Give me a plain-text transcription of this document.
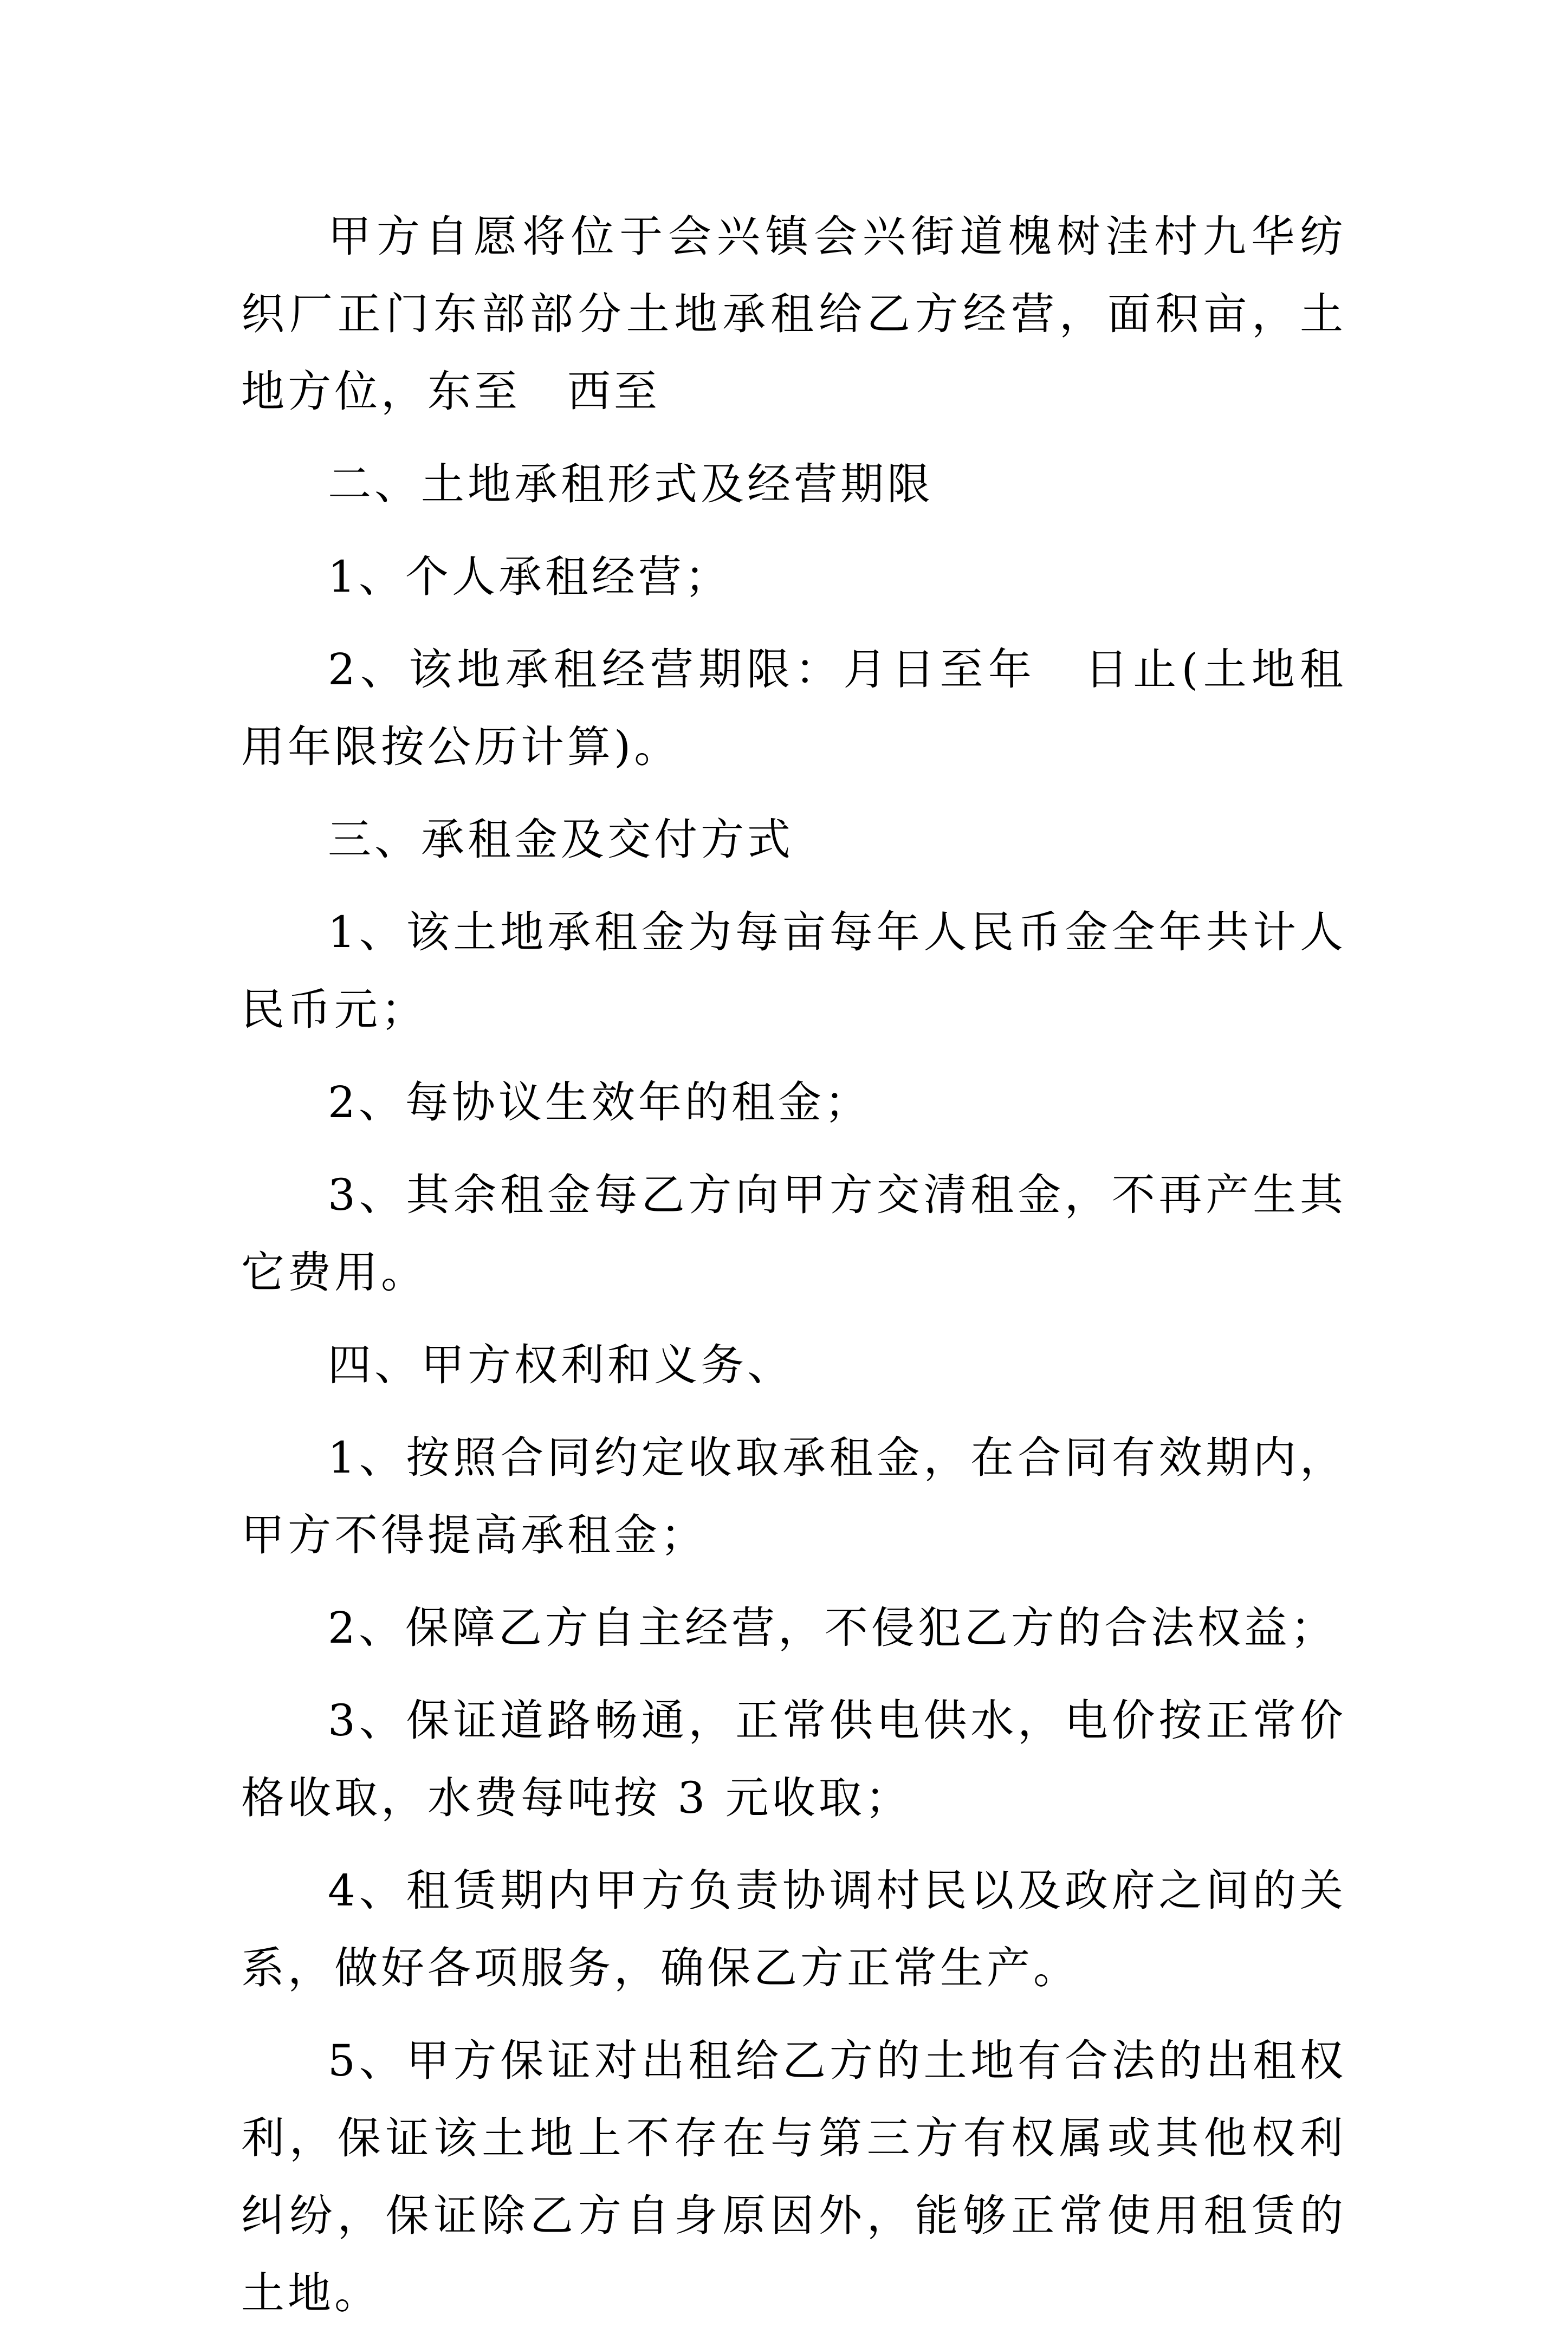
甲方自愿将位于会兴镇会兴街道槐树洼村九华纺织厂正门东部部分土地承租给乙方经营，面积亩，土地方位，东至　西至

二、土地承租形式及经营期限

1、个人承租经营；

2、该地承租经营期限：月日至年　日止(土地租用年限按公历计算)。

三、承租金及交付方式

1、该土地承租金为每亩每年人民币金全年共计人民币元；

2、每协议生效年的租金；

3、其余租金每乙方向甲方交清租金，不再产生其它费用。

四、甲方权利和义务、

1、按照合同约定收取承租金，在合同有效期内，甲方不得提高承租金；

2、保障乙方自主经营，不侵犯乙方的合法权益；

3、保证道路畅通，正常供电供水，电价按正常价格收取，水费每吨按 3 元收取；

4、租赁期内甲方负责协调村民以及政府之间的关系，做好各项服务，确保乙方正常生产。

5、甲方保证对出租给乙方的土地有合法的出租权利，保证该土地上不存在与第三方有权属或其他权利纠纷，保证除乙方自身原因外，能够正常使用租赁的土地。
